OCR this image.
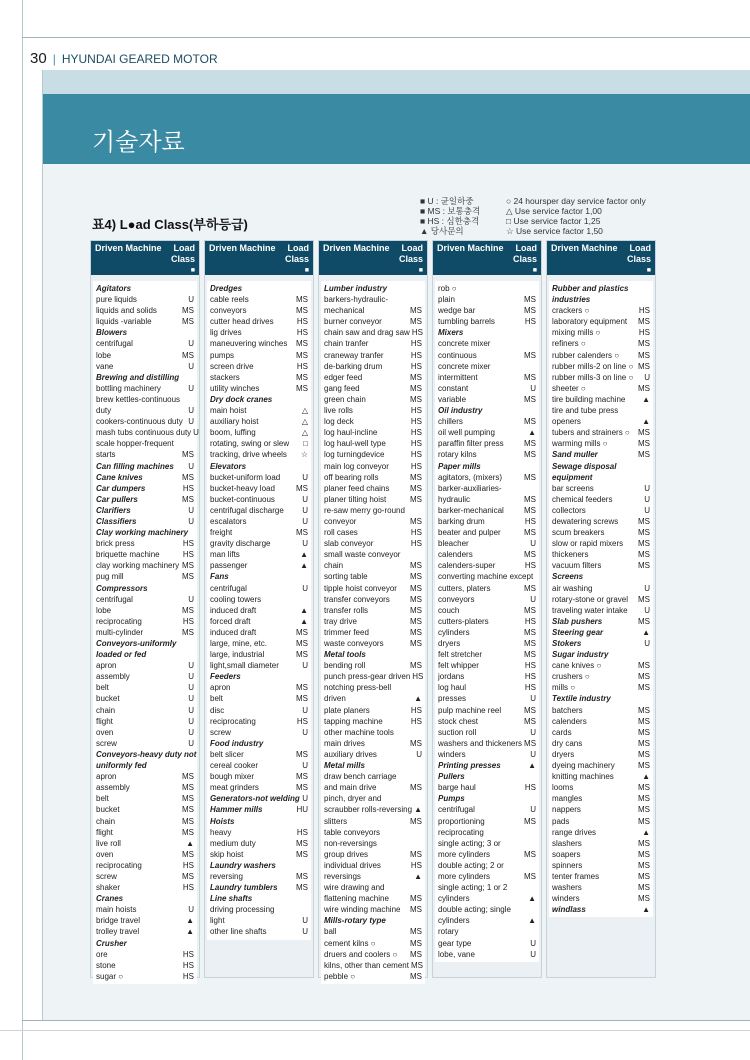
30 | HYUNDAI GEARED MOTOR
기술자료
■ U : 균일하중	○ 24 hoursper day service factor only
■ MS : 보통충격	△ Use service factor 1,00
■ HS : 심한충격	□ Use service factor 1,25
▲ 당사문의	☆ Use service factor 1,50
표4) L●ad Class(부하등급)
Driven Machine Load
Class
■
Agitators
pure liquids	U
liquids and solids	MS
liquids -variable	MS
Blowers
centrifugal	U
lobe	MS
vane	U
Brewing and distilling
bottling machinery	U
brew kettles-continuous
duty	U
cookers-continuous duty U
mash tubs continuous duty U
scale hopper-frequent
starts	MS
Can filling machines U
Cane knives	MS
Car dumpers	HS
Car pullers	MS
Clarifiers	U
Classifiers	U
Clay working machinery
brick press	HS
briquette machine	HS
clay working machinery MS
pug mill	MS
Compressors
centrifugal	U
lobe	MS
reciprocating	HS
multi-cylinder	MS
Conveyors-uniformly
loaded or fed
apron	U
assembly	U
belt	U
bucket	U
chain	U
flight	U
oven	U
screw	U
Conveyors-heavy duty not
uniformly fed
apron	MS
assembly	MS
belt	MS
bucket	MS
chain	MS
flight	MS
live roll	▲
oven	MS
reciprocating	HS
screw	MS
shaker	HS
Cranes
main hoists	U
bridge travel	▲
trolley travel	▲
Crusher
ore	HS
stone	HS
sugar ○	HS
Driven Machine Load
Class
■
Dredges
cable reels	MS
conveyors	MS
cutter head drives	HS
lig drives	HS
maneuvering winches MS
pumps	MS
screen drive	HS
stackers	MS
utility winches	MS
Dry dock cranes
main hoist	△
auxiliary hoist	△
boom, luffing	△
rotating, swing or slew □
tracking, drive wheels ☆
Elevators
bucket-uniform load	U
bucket-heavy load	MS
bucket-continuous	U
centrifugal discharge U
escalators	U
freight	MS
gravity discharge	U
man lifts	▲
passenger	▲
Fans
centrifugal	U
cooling towers
induced draft	▲
forced draft	▲
induced draft	MS
large, mine, etc.	MS
large, industrial	MS
light,small diameter	U
Feeders
apron	MS
belt	MS
disc	U
reciprocating	HS
screw	U
Food industry
belt slicer	MS
cereal cooker	U
bough mixer	MS
meat grinders	MS
Generators-not welding U
Hammer mills	HU
Hoists
heavy	HS
medium duty	MS
skip hoist	MS
Laundry washers
reversing	MS
Laundry tumblers MS
Line shafts
driving processing
light	U
other line shafts	U
Driven Machine Load
Class
■
Lumber industry
barkers-hydraulic-
mechanical	MS
burner conveyor	MS
chain saw and drag saw HS
chain tranfer	HS
craneway tranfer	HS
de-barking drum	HS
edger feed	MS
gang feed	MS
green chain	MS
live rolls	HS
log deck	HS
log haul-incline	HS
log haul-well type	HS
log turningdevice	HS
main log conveyor	HS
off bearing rolls	MS
planer feed chains	MS
planer tilting hoist	MS
re-saw merry go-round
conveyor	MS
roll cases	HS
slab conveyor	HS
small waste conveyor
chain	MS
sorting table	MS
tipple hoist conveyor MS
transfer conveyors	MS
transfer rolls	MS
tray drive	MS
trimmer feed	MS
waste conveyors	MS
Metal tools
bending roll	MS
punch press-gear driven HS
notching press-bell
driven	▲
plate planers	HS
tapping machine	HS
other machine tools
main drives	MS
auxiliary drives	U
Metal mills
draw bench carriage
and main drive	MS
pinch, dryer and
scraubber rolls-reversing ▲
slitters	MS
table conveyors
non-reversings
group drives	MS
individual drives	HS
reversings	▲
wire drawing and
flattening machine	MS
wire winding machine MS
Mills-rotary type
ball	MS
cement kilns ○	MS
druers and coolers ○ MS
kilns, other than cement MS
pebble ○	MS
Driven Machine Load
Class
■
rob ○
plain	MS
wedge bar	MS
tumbling barrels	HS
Mixers
concrete mixer
continuous	MS
concrete mixer
intermittent	MS
constant	U
variable	MS
Oil industry
chillers	MS
oil well pumping	▲
paraffin filter press	MS
rotary kilns	MS
Paper mills
agitators, (mixers)	MS
barker-auxiliaries-
hydraulic	MS
barker-mechanical	MS
barking drum	HS
beater and pulper	MS
bleacher	U
calenders	MS
calenders-super	HS
converting machine except
cutters, platers	MS
conveyors	U
couch	MS
cutters-platers	HS
cylinders	MS
dryers	MS
felt stretcher	MS
felt whipper	HS
jordans	HS
log haul	HS
presses	U
pulp machine reel	MS
stock chest	MS
suction roll	U
washers and thickeners MS
winders	U
Printing presses	▲
Pullers
barge haul	HS
Pumps
centrifugal	U
proportioning	MS
reciprocating
single acting; 3 or
more cylinders	MS
double acting; 2 or
more cylinders	MS
single acting; 1 or 2
cylinders	▲
double acting; single
cylinders	▲
rotary
gear type	U
lobe, vane	U
Driven Machine Load
Class
■
Rubber and plastics
industries
crackers ○	HS
laboratory equipment MS
mixing mills ○	HS
refiners ○	MS
rubber calenders ○ MS
rubber mills-2 on line ○ MS
rubber mills-3 on line ○ U
sheeter ○	MS
tire building machine ▲
tire and tube press
openers	▲
tubers and strainers ○ MS
warming mills ○	MS
Sand muller	MS
Sewage disposal
equipment
bar screens	U
chemical feeders	U
collectors	U
dewatering screws MS
scum breakers	MS
slow or rapid mixers MS
thickeners	MS
vacuum filters	MS
Screens
air washing	U
rotary-stone or gravel MS
traveling water intake U
Slab pushers	MS
Steering gear	▲
Stokers	U
Sugar industry
cane knives ○	MS
crushers ○	MS
mills ○	MS
Textile industry
batchers	MS
calenders	MS
cards	MS
dry cans	MS
dryers	MS
dyeing machinery	MS
knitting machines	▲
looms	MS
mangles	MS
nappers	MS
pads	MS
range drives	▲
slashers	MS
soapers	MS
spinners	MS
tenter frames	MS
washers	MS
winders	MS
windlass	▲
